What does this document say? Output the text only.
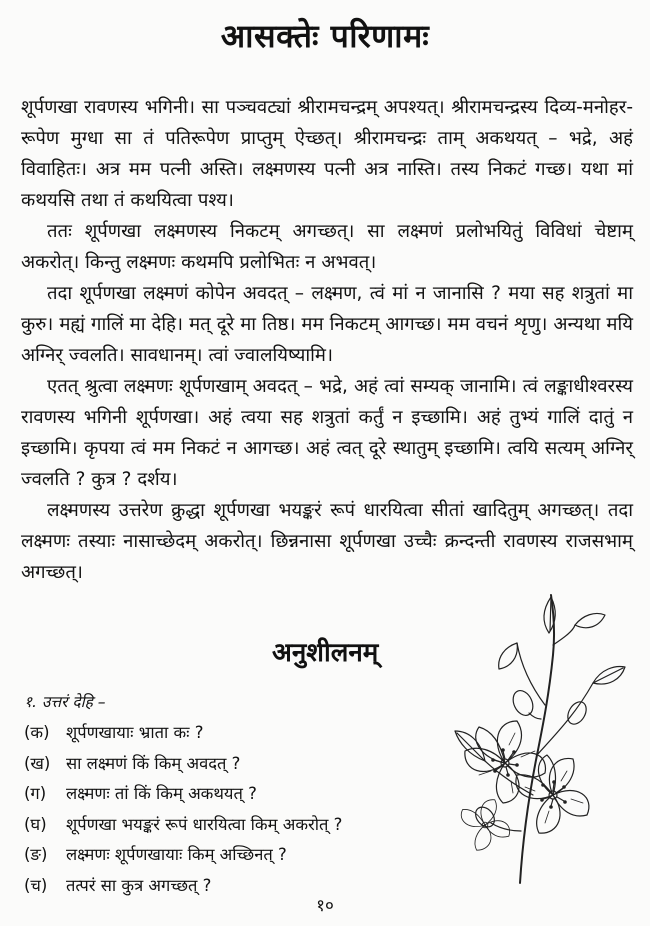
आसक्तेः परिणामः

शूर्पणखा रावणस्य भगिनी। सा पञ्चवट्यां श्रीरामचन्द्रम् अपश्यत्। श्रीरामचन्द्रस्य दिव्य-मनोहर-रूपेण मुग्धा सा तं पतिरूपेण प्राप्तुम् ऐच्छत्। श्रीरामचन्द्रः ताम् अकथयत् – भद्रे, अहं विवाहितः। अत्र मम पत्नी अस्ति। लक्ष्मणस्य पत्नी अत्र नास्ति। तस्य निकटं गच्छ। यथा मां कथयसि तथा तं कथयित्वा पश्य।

ततः शूर्पणखा लक्ष्मणस्य निकटम् अगच्छत्। सा लक्ष्मणं प्रलोभयितुं विविधां चेष्टाम् अकरोत्। किन्तु लक्ष्मणः कथमपि प्रलोभितः न अभवत्।

तदा शूर्पणखा लक्ष्मणं कोपेन अवदत् – लक्ष्मण, त्वं मां न जानासि ? मया सह शत्रुतां मा कुरु। मह्यं गालिं मा देहि। मत् दूरे मा तिष्ठ। मम निकटम् आगच्छ। मम वचनं शृणु। अन्यथा मयि अग्निर् ज्वलति। सावधानम्। त्वां ज्वालयिष्यामि।

एतत् श्रुत्वा लक्ष्मणः शूर्पणखाम् अवदत् – भद्रे, अहं त्वां सम्यक् जानामि। त्वं लङ्काधीश्वरस्य रावणस्य भगिनी शूर्पणखा। अहं त्वया सह शत्रुतां कर्तुं न इच्छामि। अहं तुभ्यं गालिं दातुं न इच्छामि। कृपया त्वं मम निकटं न आगच्छ। अहं त्वत् दूरे स्थातुम् इच्छामि। त्वयि सत्यम् अग्निर् ज्वलति ? कुत्र ? दर्शय।

लक्ष्मणस्य उत्तरेण क्रुद्धा शूर्पणखा भयङ्करं रूपं धारयित्वा सीतां खादितुम् अगच्छत्। तदा लक्ष्मणः तस्याः नासाच्छेदम् अकरोत्। छिन्ननासा शूर्पणखा उच्चैः क्रन्दन्ती रावणस्य राजसभाम् अगच्छत्।

अनुशीलनम्
१. उत्तरं देहि –
(क) शूर्पणखायाः भ्राता कः ?
(ख) सा लक्ष्मणं किं किम् अवदत् ?
(ग) लक्ष्मणः तां किं किम् अकथयत् ?
(घ) शूर्पणखा भयङ्करं रूपं धारयित्वा किम् अकरोत् ?
(ङ) लक्ष्मणः शूर्पणखायाः किम् अच्छिनत् ?
(च) तत्परं सा कुत्र अगच्छत् ?
१०
